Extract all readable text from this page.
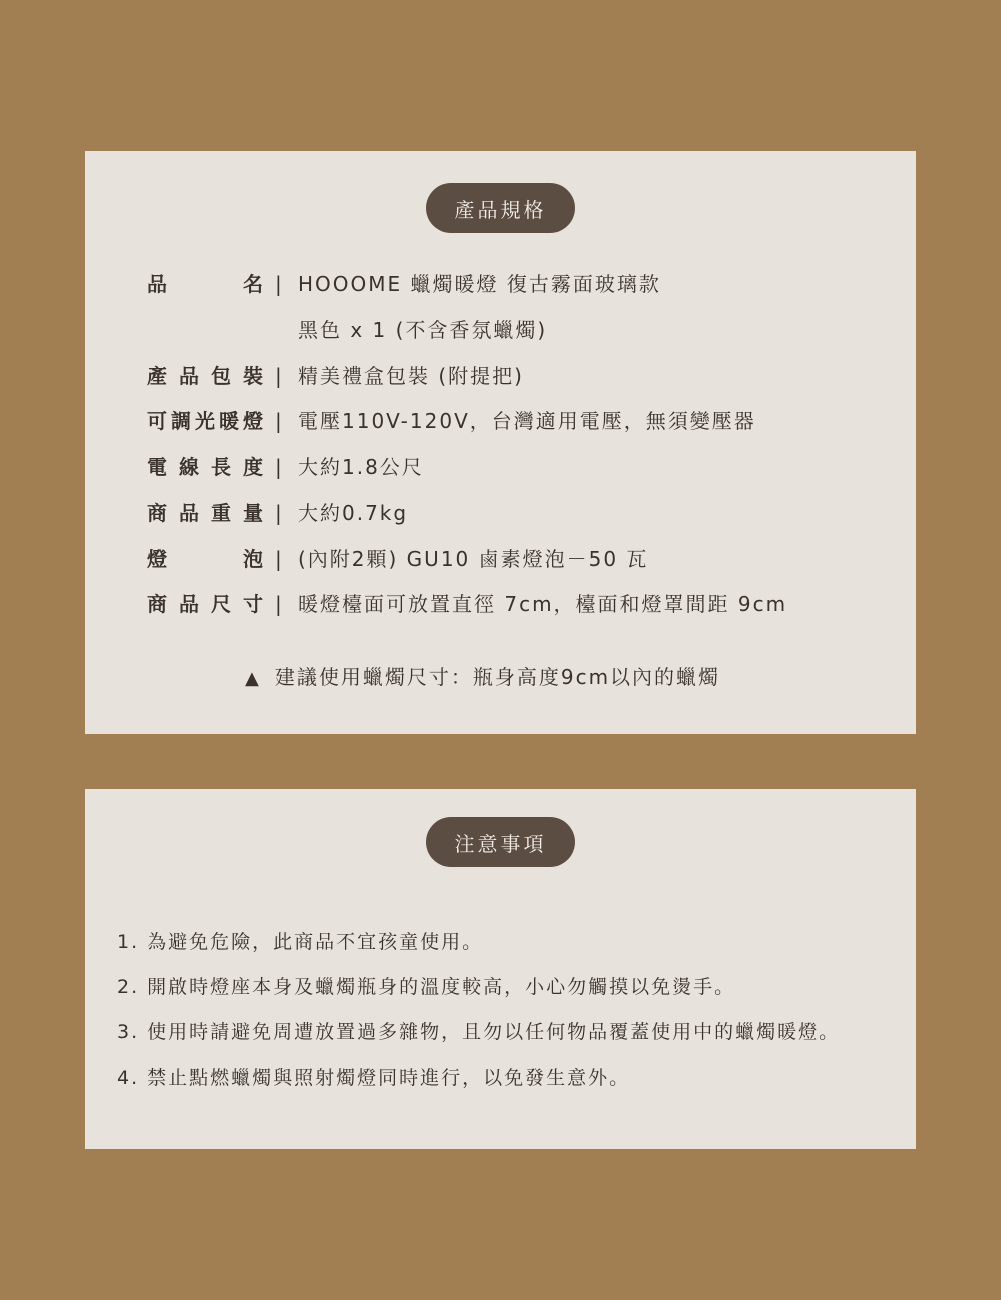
產品規格
品	名 | HOOOME 蠟燭暖燈 復古霧面玻璃款
黑色 x 1 (不含香氛蠟燭)
產 品 包 裝 | 精美禮盒包裝 (附提把)
可 調 光 暖 燈 | 電壓110V-120V，台灣適用電壓，無須變壓器
電 線 長 度 | 大約1.8公尺
商 品 重 量 | 大約0.7kg
燈	泡 | (內附2顆) GU10 鹵素燈泡－50 瓦
商 品 尺 寸 | 暖燈檯面可放置直徑 7cm，檯面和燈罩間距 9cm
▲ 建議使用蠟燭尺寸：瓶身高度9cm以內的蠟燭
注意事項
1. 為避免危險，此商品不宜孩童使用。
2. 開啟時燈座本身及蠟燭瓶身的溫度較高，小心勿觸摸以免燙手。
3. 使用時請避免周遭放置過多雜物，且勿以任何物品覆蓋使用中的蠟燭暖燈。
4. 禁止點燃蠟燭與照射燭燈同時進行，以免發生意外。
